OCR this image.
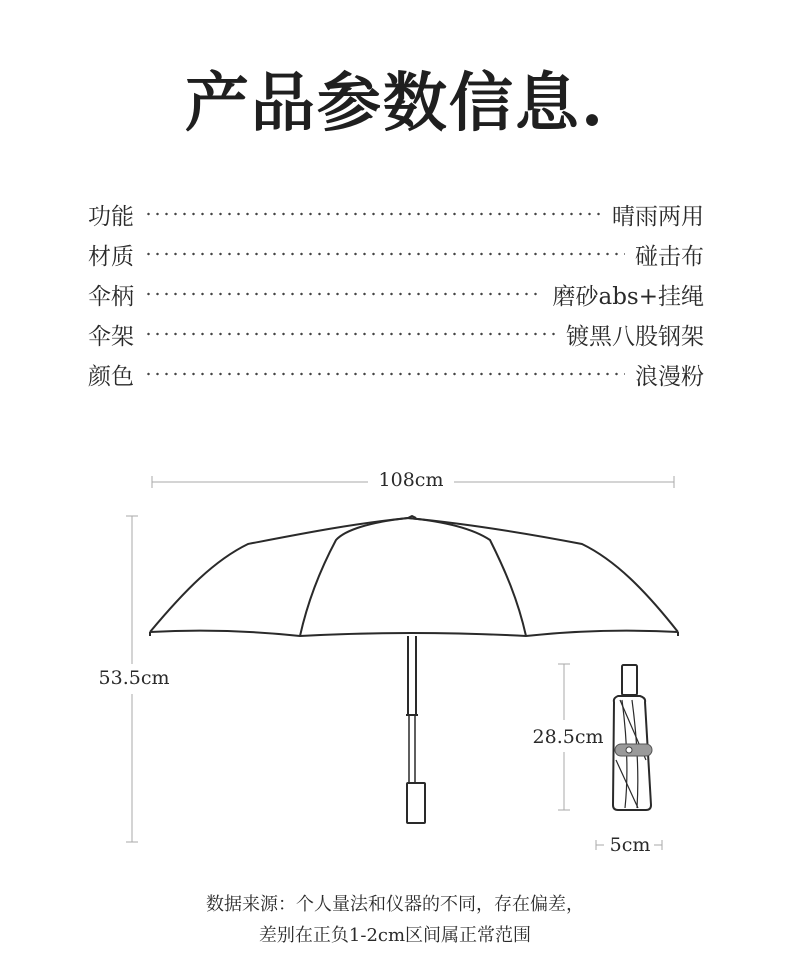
产品参数信息.
功能	晴雨两用
材质	碰击布
伞柄	磨砂abs+挂绳
伞架	镀黑八股钢架
颜色	浪漫粉
108cm
53.5cm
28.5cm
5cm
数据来源：个人量法和仪器的不同，存在偏差，
差别在正负1-2cm区间属正常范围
